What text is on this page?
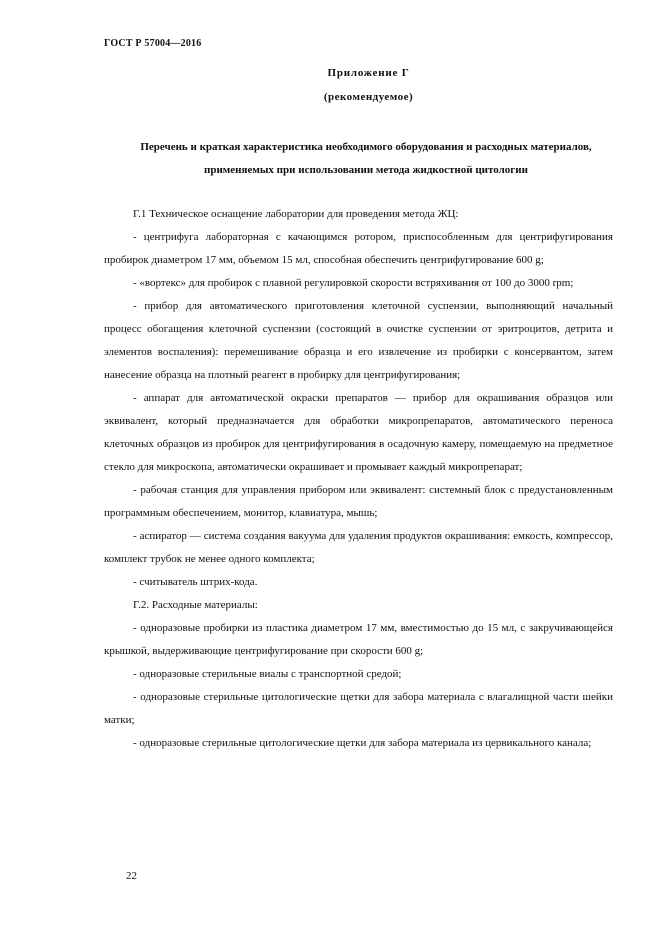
ГОСТ Р 57004—2016
Приложение Г
(рекомендуемое)
Перечень и краткая характеристика необходимого оборудования и расходных материалов, применяемых при использовании метода жидкостной цитологии

Г.1 Техническое оснащение лаборатории для проведения метода ЖЦ:

- центрифуга лабораторная с качающимся ротором, приспособленным для центрифугирования пробирок диаметром 17 мм, объемом 15 мл, способная обеспечить центрифугирование 600 g;

- «вортекс» для пробирок с плавной регулировкой скорости встряхивания от 100 до 3000 rpm;

- прибор для автоматического приготовления клеточной суспензии, выполняющий начальный процесс обогащения клеточной суспензии (состоящий в очистке суспензии от эритроцитов, детрита и элементов воспаления): перемешивание образца и его извлечение из пробирки с консервантом, затем нанесение образца на плотный реагент в пробирку для центрифугирования;

- аппарат для автоматической окраски препаратов — прибор для окрашивания образцов или эквивалент, который предназначается для обработки микропрепаратов, автоматического переноса клеточных образцов из пробирок для центрифугирования в осадочную камеру, помещаемую на предметное стекло для микроскопа, автоматически окрашивает и промывает каждый микропрепарат;

- рабочая станция для управления прибором или эквивалент: системный блок с предустановленным программным обеспечением, монитор, клавиатура, мышь;

- аспиратор — система создания вакуума для удаления продуктов окрашивания: емкость, компрессор, комплект трубок не менее одного комплекта;

- считыватель штрих-кода.

Г.2. Расходные материалы:

- одноразовые пробирки из пластика диаметром 17 мм, вместимостью до 15 мл, с закручивающейся крышкой, выдерживающие центрифугирование при скорости 600 g;

- одноразовые стерильные виалы с транспортной средой;

- одноразовые стерильные цитологические щетки для забора материала с влагалищной части шейки матки;

- одноразовые стерильные цитологические щетки для забора материала из цервикального канала;

22
